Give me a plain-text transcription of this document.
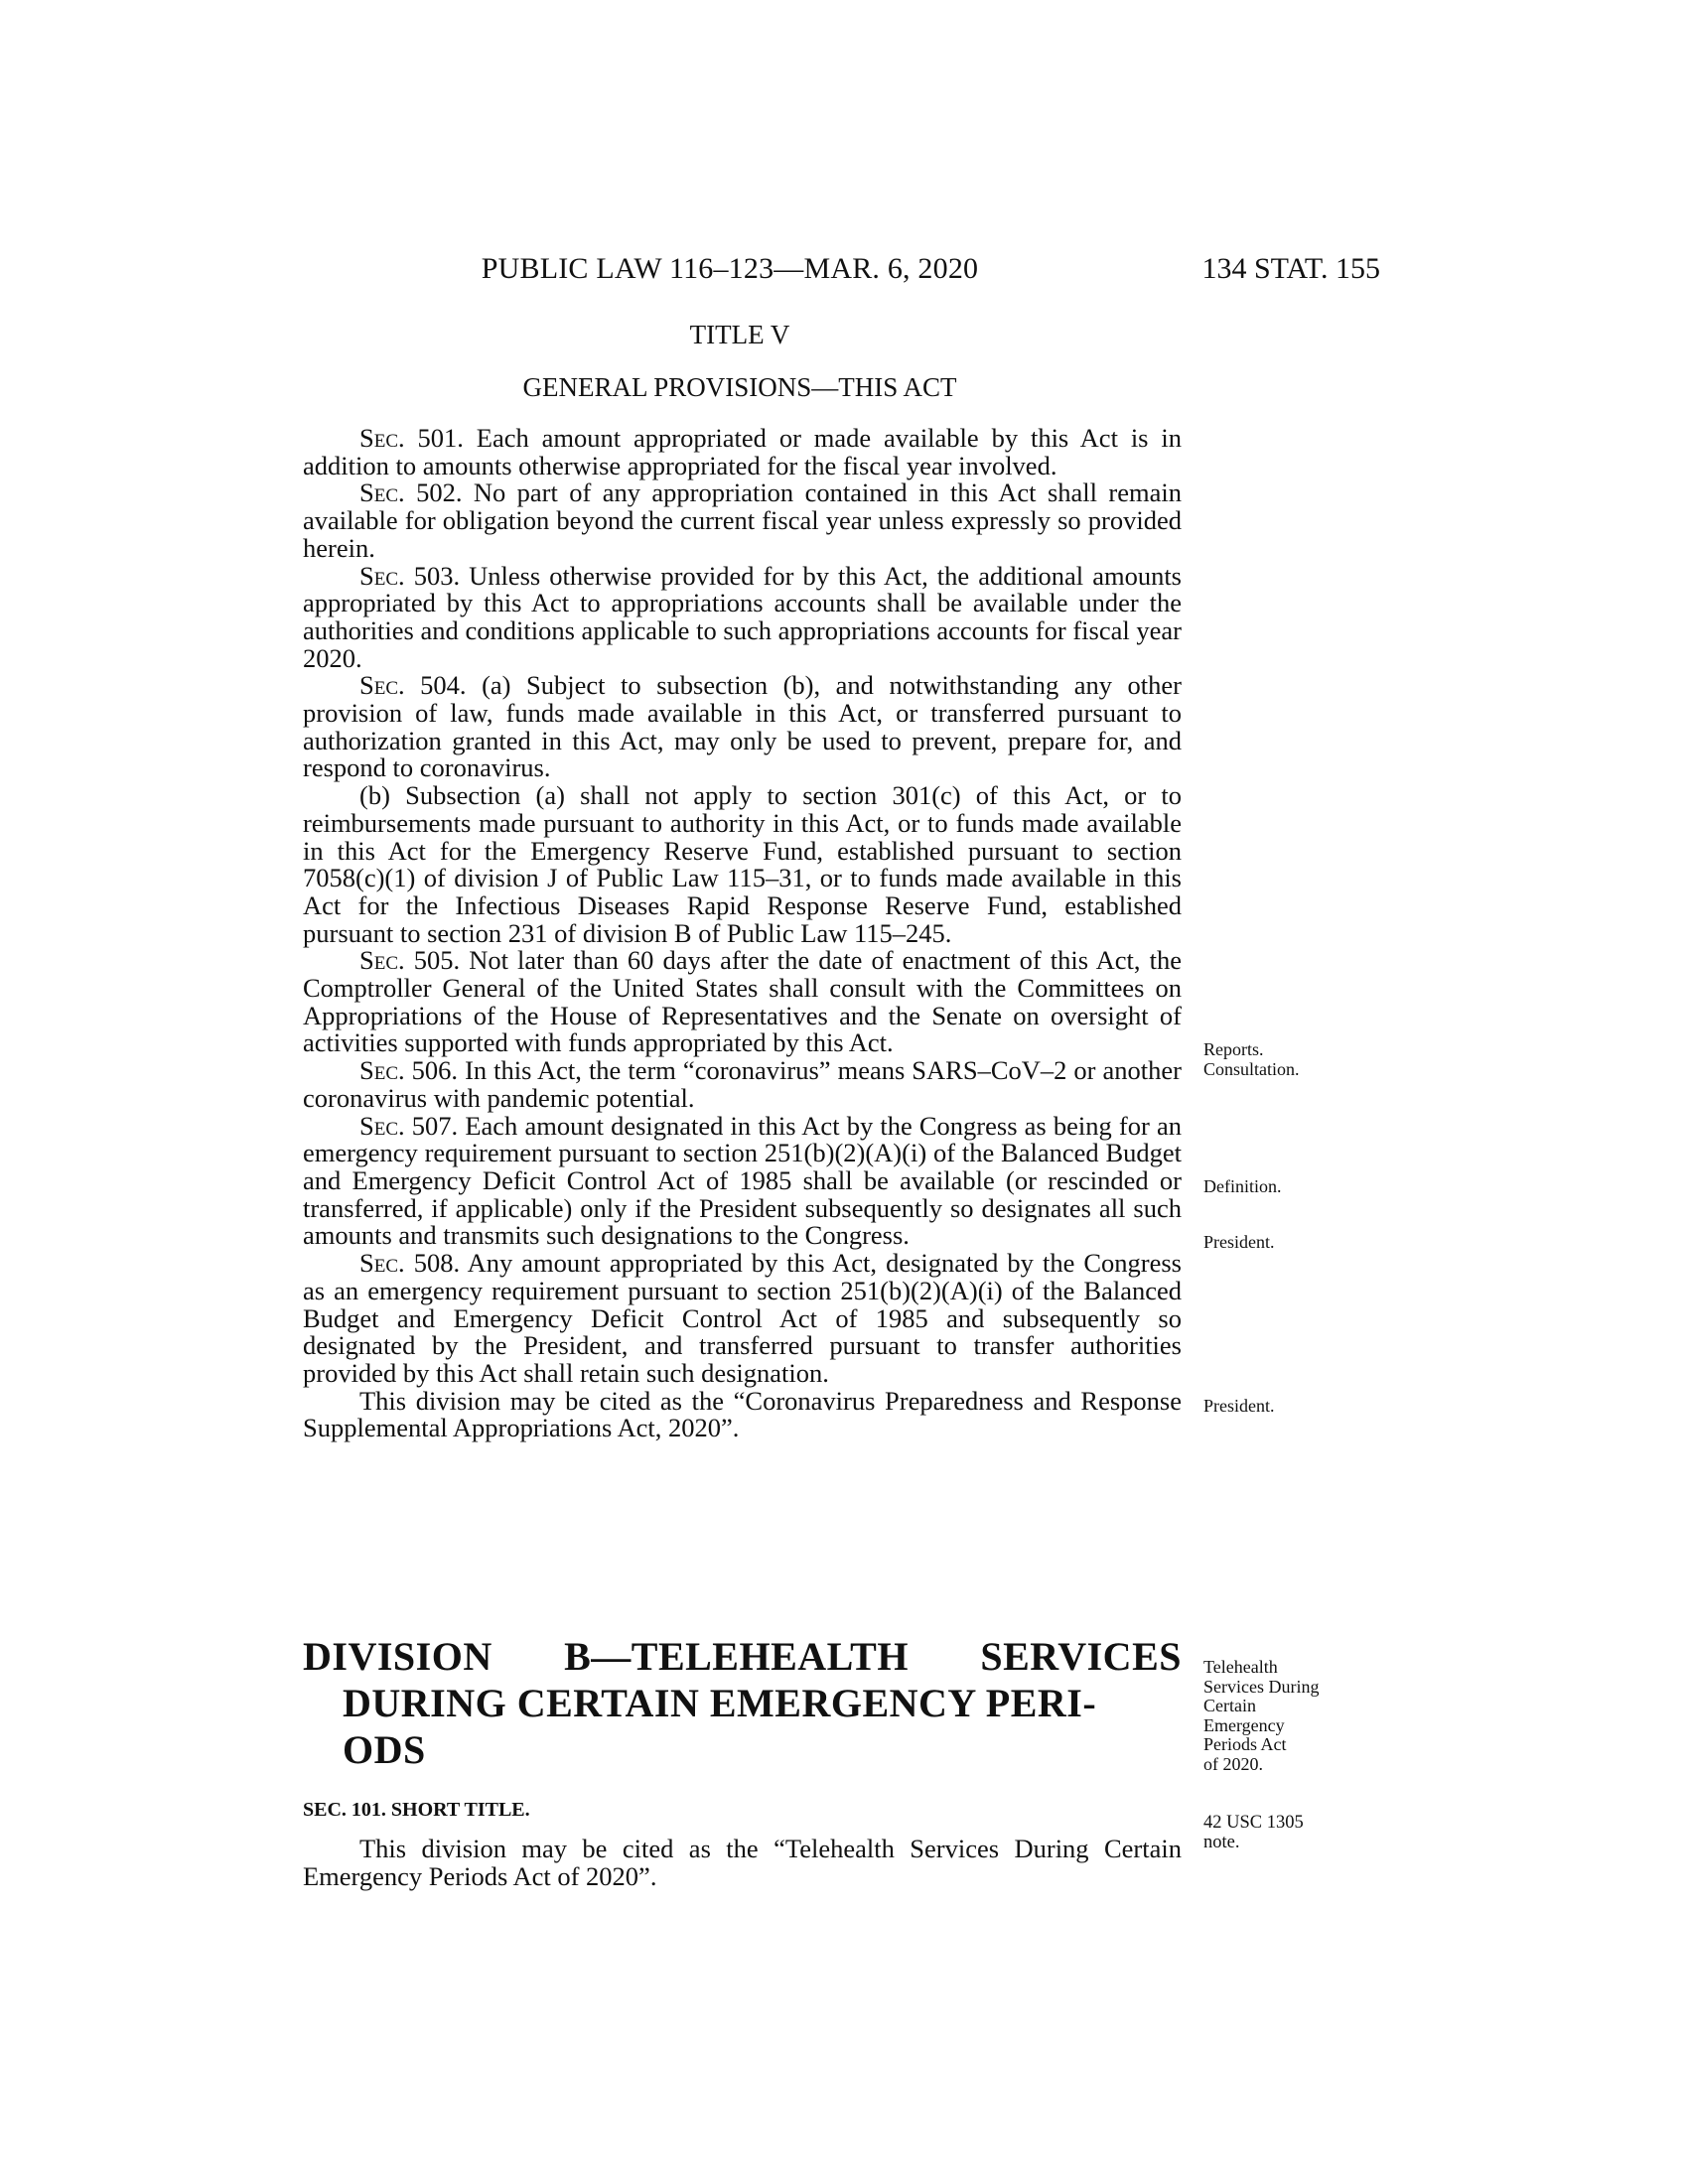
PUBLIC LAW 116–123—MAR. 6, 2020	134 STAT. 155
TITLE V
GENERAL PROVISIONS—THIS ACT

Sec. 501. Each amount appropriated or made available by this Act is in addition to amounts otherwise appropriated for the fiscal year involved.

Sec. 502. No part of any appropriation contained in this Act shall remain available for obligation beyond the current fiscal year unless expressly so provided herein.

Sec. 503. Unless otherwise provided for by this Act, the additional amounts appropriated by this Act to appropriations accounts shall be available under the authorities and conditions applicable to such appropriations accounts for fiscal year 2020.

Sec. 504. (a) Subject to subsection (b), and notwithstanding any other provision of law, funds made available in this Act, or transferred pursuant to authorization granted in this Act, may only be used to prevent, prepare for, and respond to coronavirus.

(b) Subsection (a) shall not apply to section 301(c) of this Act, or to reimbursements made pursuant to authority in this Act, or to funds made available in this Act for the Emergency Reserve Fund, established pursuant to section 7058(c)(1) of division J of Public Law 115–31, or to funds made available in this Act for the Infectious Diseases Rapid Response Reserve Fund, established pursuant to section 231 of division B of Public Law 115–245.

Sec. 505. Not later than 60 days after the date of enactment of this Act, the Comptroller General of the United States shall consult with the Committees on Appropriations of the House of Representatives and the Senate on oversight of activities supported with funds appropriated by this Act.

Sec. 506. In this Act, the term “coronavirus” means SARS–CoV–2 or another coronavirus with pandemic potential.

Sec. 507. Each amount designated in this Act by the Congress as being for an emergency requirement pursuant to section 251(b)(2)(A)(i) of the Balanced Budget and Emergency Deficit Control Act of 1985 shall be available (or rescinded or transferred, if applicable) only if the President subsequently so designates all such amounts and transmits such designations to the Congress.

Sec. 508. Any amount appropriated by this Act, designated by the Congress as an emergency requirement pursuant to section 251(b)(2)(A)(i) of the Balanced Budget and Emergency Deficit Control Act of 1985 and subsequently so designated by the President, and transferred pursuant to transfer authorities provided by this Act shall retain such designation.

This division may be cited as the “Coronavirus Preparedness and Response Supplemental Appropriations Act, 2020”.

Reports.
Consultation.
Definition.
President.
President.
DIVISION B—TELEHEALTH SERVICES
DURING CERTAIN EMERGENCY PERI-
ODS
Telehealth
Services During
Certain
Emergency
Periods Act
of 2020.
SEC. 101. SHORT TITLE.
42 USC 1305
note.

This division may be cited as the “Telehealth Services During Certain Emergency Periods Act of 2020”.
